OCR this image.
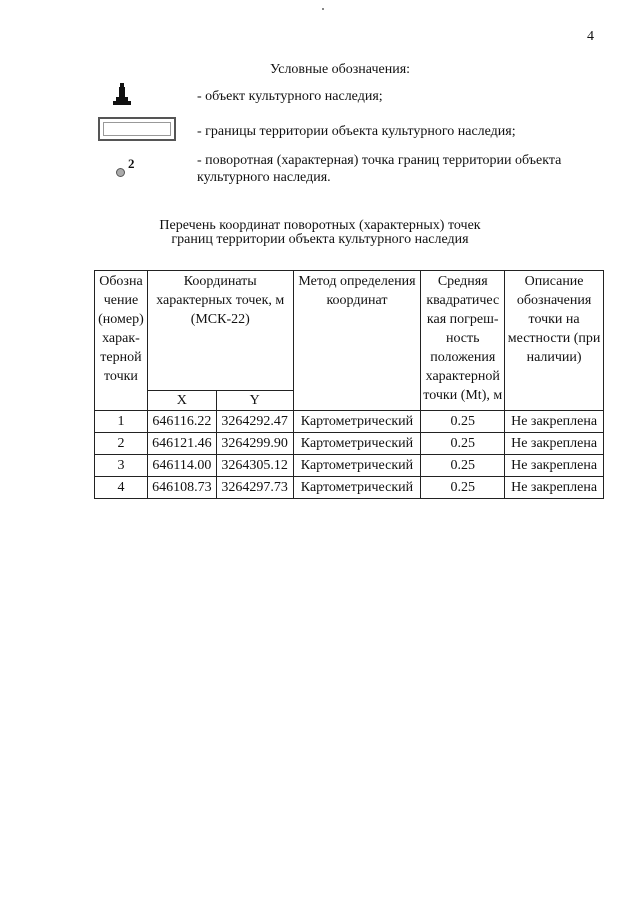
4
Условные обозначения:
- объект культурного наследия;
- границы территории объекта культурного наследия;
2	- поворотная (характерная) точка границ территории объекта культурного наследия.
Перечень координат поворотных (характерных) точек
границ территории объекта культурного наследия
Обозна чение (номер) харак- терной точки	Координаты характерных точек, м (МСК-22)		Метод определения координат	Средняя квадратичес кая погреш- ность положения характерной точки (Mt), м	Описание обозначения точки на местности (при наличии)
	X	Y			
1	646116.22	3264292.47	Картометрический	0.25	Не закреплена
2	646121.46	3264299.90	Картометрический	0.25	Не закреплена
3	646114.00	3264305.12	Картометрический	0.25	Не закреплена
4	646108.73	3264297.73	Картометрический	0.25	Не закреплена
